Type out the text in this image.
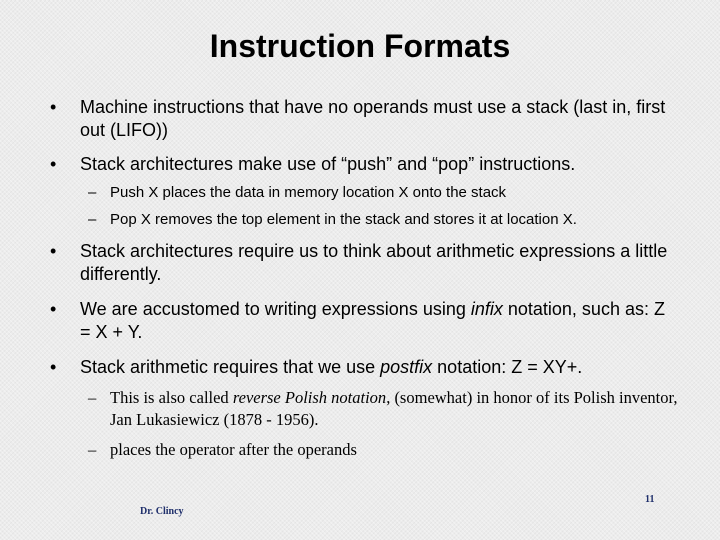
Instruction Formats
• Machine instructions that have no operands must use a stack (last in, first out (LIFO))
• Stack architectures make use of “push” and “pop” instructions.
– Push X places the data in memory location X onto the stack
– Pop X removes the top element in the stack and stores it at location X.
• Stack architectures require us to think about arithmetic expressions a little differently.
• We are accustomed to writing expressions using infix notation, such as: Z = X + Y.
• Stack arithmetic requires that we use postfix notation: Z = XY+.
– This is also called reverse Polish notation, (somewhat) in honor of its Polish inventor, Jan Lukasiewicz (1878 - 1956).
– places the operator after the operands
Dr. Clincy
11
